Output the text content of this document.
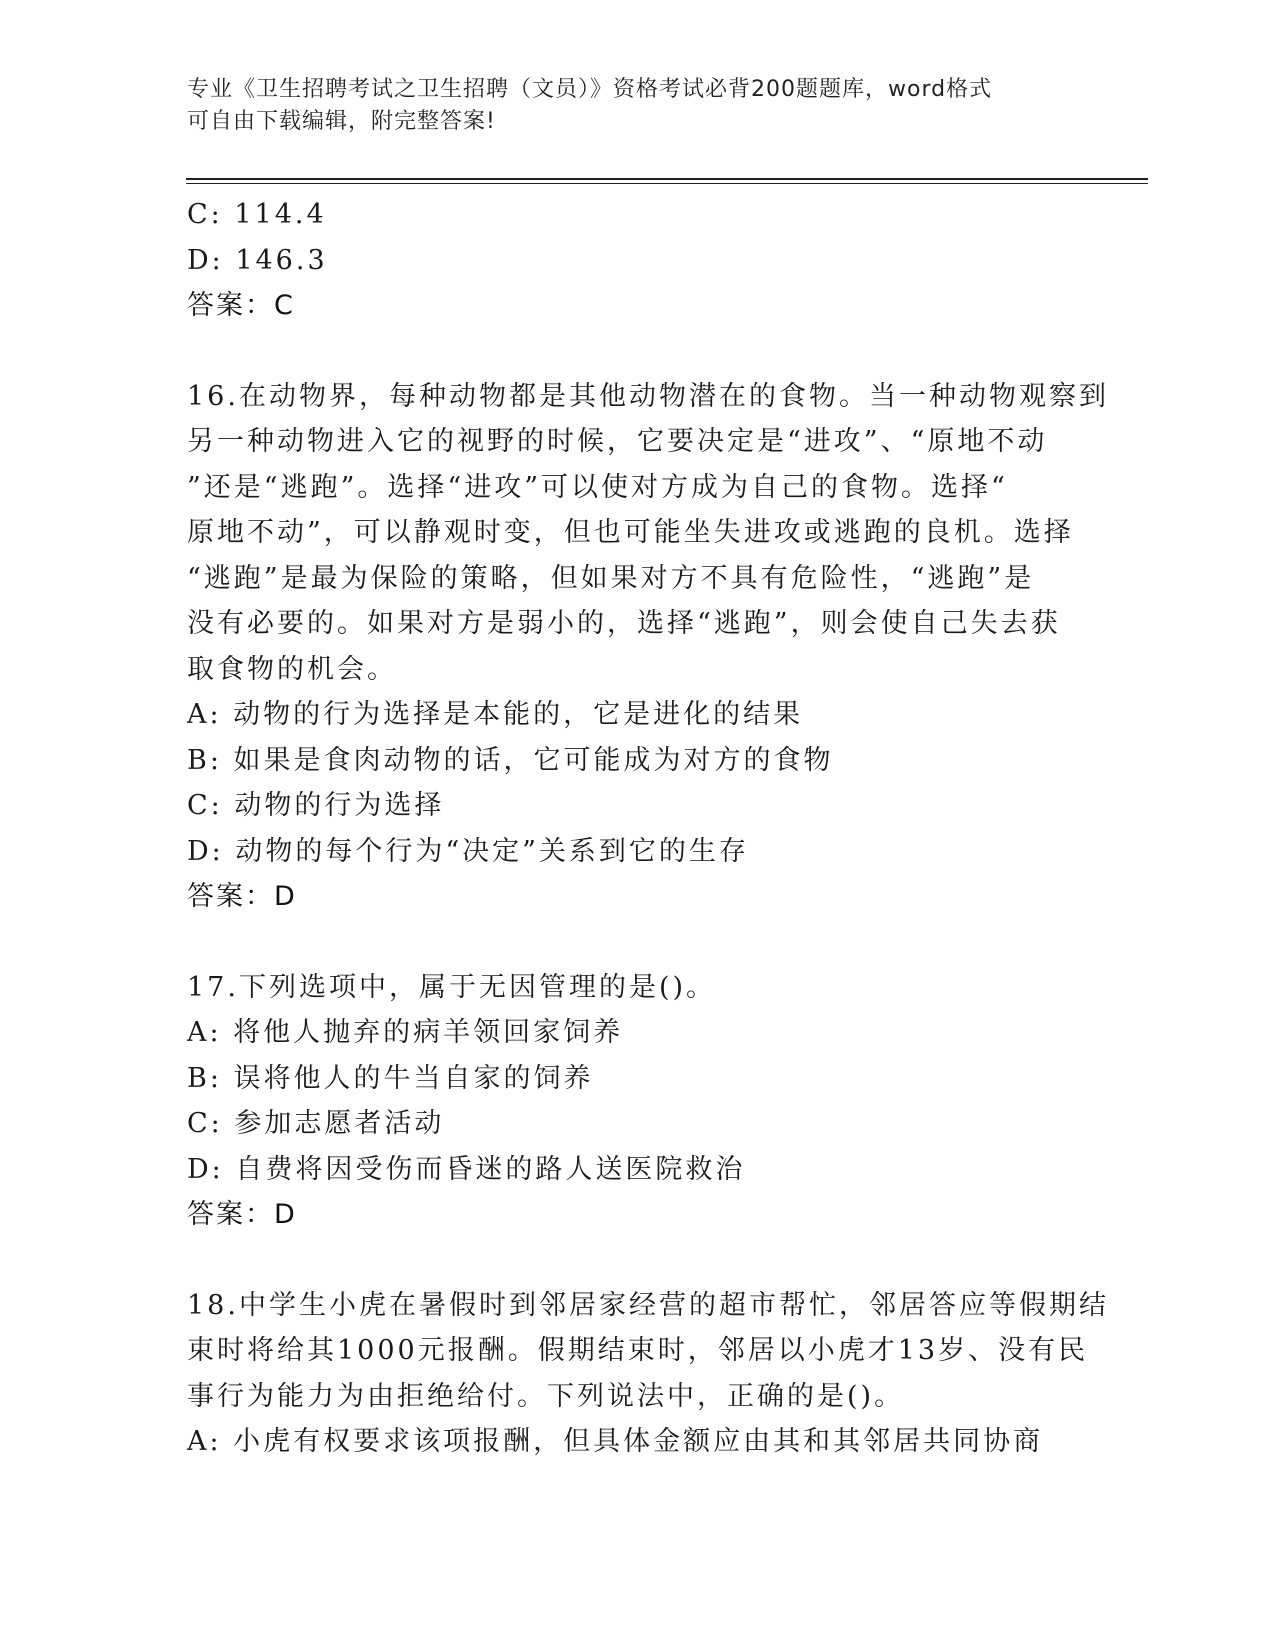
专业《卫生招聘考试之卫生招聘（文员）》资格考试必背200题题库，word格式
可自由下载编辑，附完整答案!
C: 114.4
D: 146.3
答案：C
16.在动物界，每种动物都是其他动物潜在的食物。当一种动物观察到
另一种动物进入它的视野的时候，它要决定是“进攻”、“原地不动
”还是“逃跑”。选择“进攻”可以使对方成为自己的食物。选择“
原地不动”，可以静观时变，但也可能坐失进攻或逃跑的良机。选择
“逃跑”是最为保险的策略，但如果对方不具有危险性，“逃跑”是
没有必要的。如果对方是弱小的，选择“逃跑”，则会使自己失去获
取食物的机会。
A: 动物的行为选择是本能的，它是进化的结果
B: 如果是食肉动物的话，它可能成为对方的食物
C: 动物的行为选择
D: 动物的每个行为“决定”关系到它的生存
答案：D
17.下列选项中，属于无因管理的是()。
A: 将他人抛弃的病羊领回家饲养
B: 误将他人的牛当自家的饲养
C: 参加志愿者活动
D: 自费将因受伤而昏迷的路人送医院救治
答案：D
18.中学生小虎在暑假时到邻居家经营的超市帮忙，邻居答应等假期结
束时将给其1000元报酬。假期结束时，邻居以小虎才13岁、没有民
事行为能力为由拒绝给付。下列说法中，正确的是()。
A: 小虎有权要求该项报酬，但具体金额应由其和其邻居共同协商
